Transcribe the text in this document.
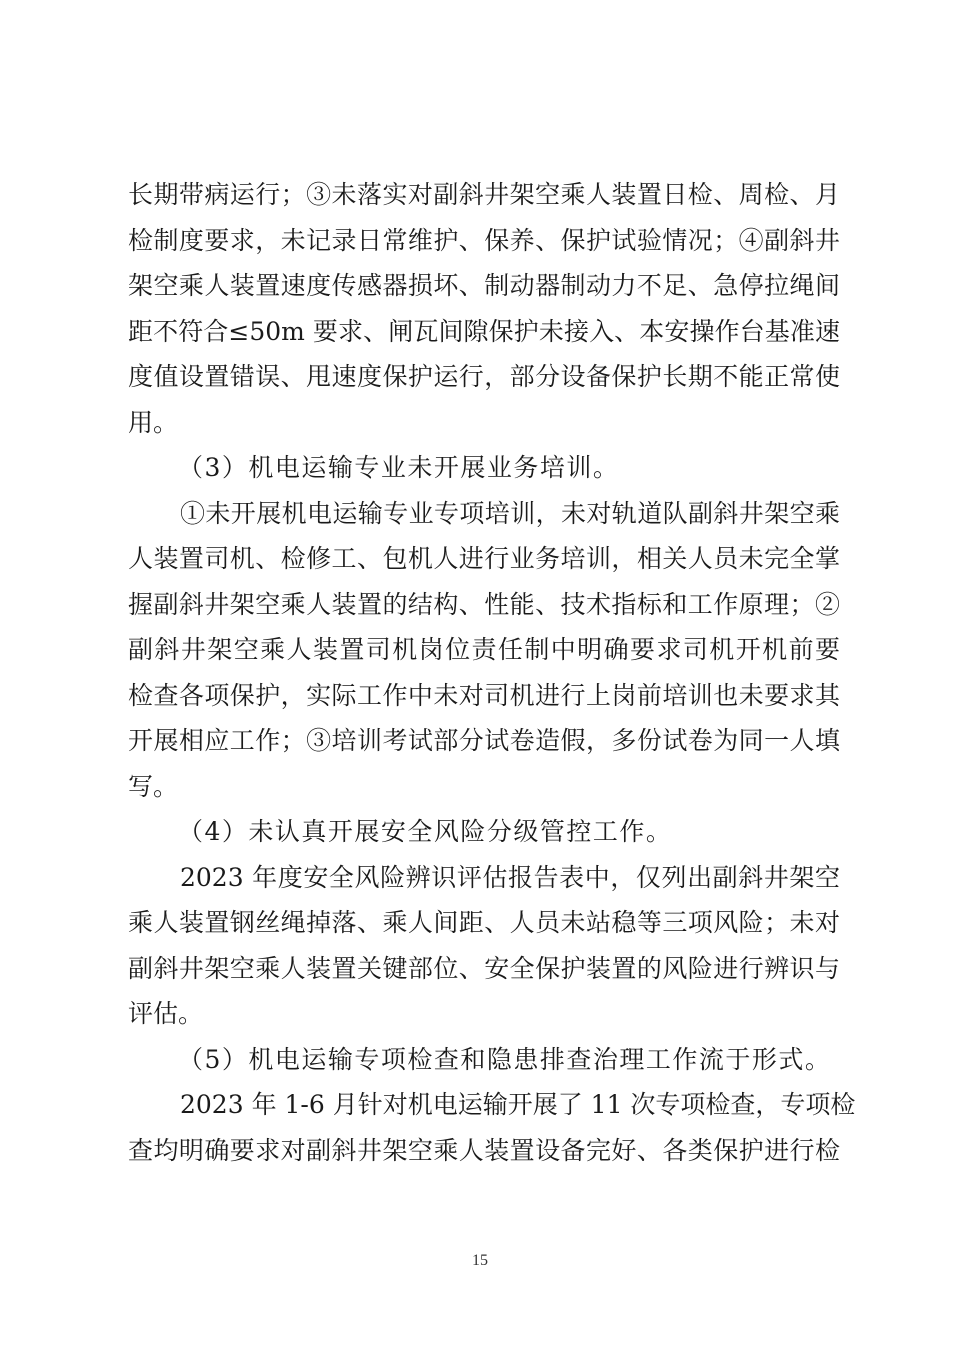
长期带病运行；③未落实对副斜井架空乘人装置日检、周检、月
检制度要求，未记录日常维护、保养、保护试验情况；④副斜井
架空乘人装置速度传感器损坏、制动器制动力不足、急停拉绳间
距不符合≤50m 要求、闸瓦间隙保护未接入、本安操作台基准速
度值设置错误、甩速度保护运行，部分设备保护长期不能正常使
用。
（3）机电运输专业未开展业务培训。
①未开展机电运输专业专项培训，未对轨道队副斜井架空乘
人装置司机、检修工、包机人进行业务培训，相关人员未完全掌
握副斜井架空乘人装置的结构、性能、技术指标和工作原理；②
副斜井架空乘人装置司机岗位责任制中明确要求司机开机前要
检查各项保护，实际工作中未对司机进行上岗前培训也未要求其
开展相应工作；③培训考试部分试卷造假，多份试卷为同一人填
写。
（4）未认真开展安全风险分级管控工作。
2023 年度安全风险辨识评估报告表中，仅列出副斜井架空
乘人装置钢丝绳掉落、乘人间距、人员未站稳等三项风险；未对
副斜井架空乘人装置关键部位、安全保护装置的风险进行辨识与
评估。
（5）机电运输专项检查和隐患排查治理工作流于形式。
2023 年 1-6 月针对机电运输开展了 11 次专项检查，专项检
查均明确要求对副斜井架空乘人装置设备完好、各类保护进行检
15
